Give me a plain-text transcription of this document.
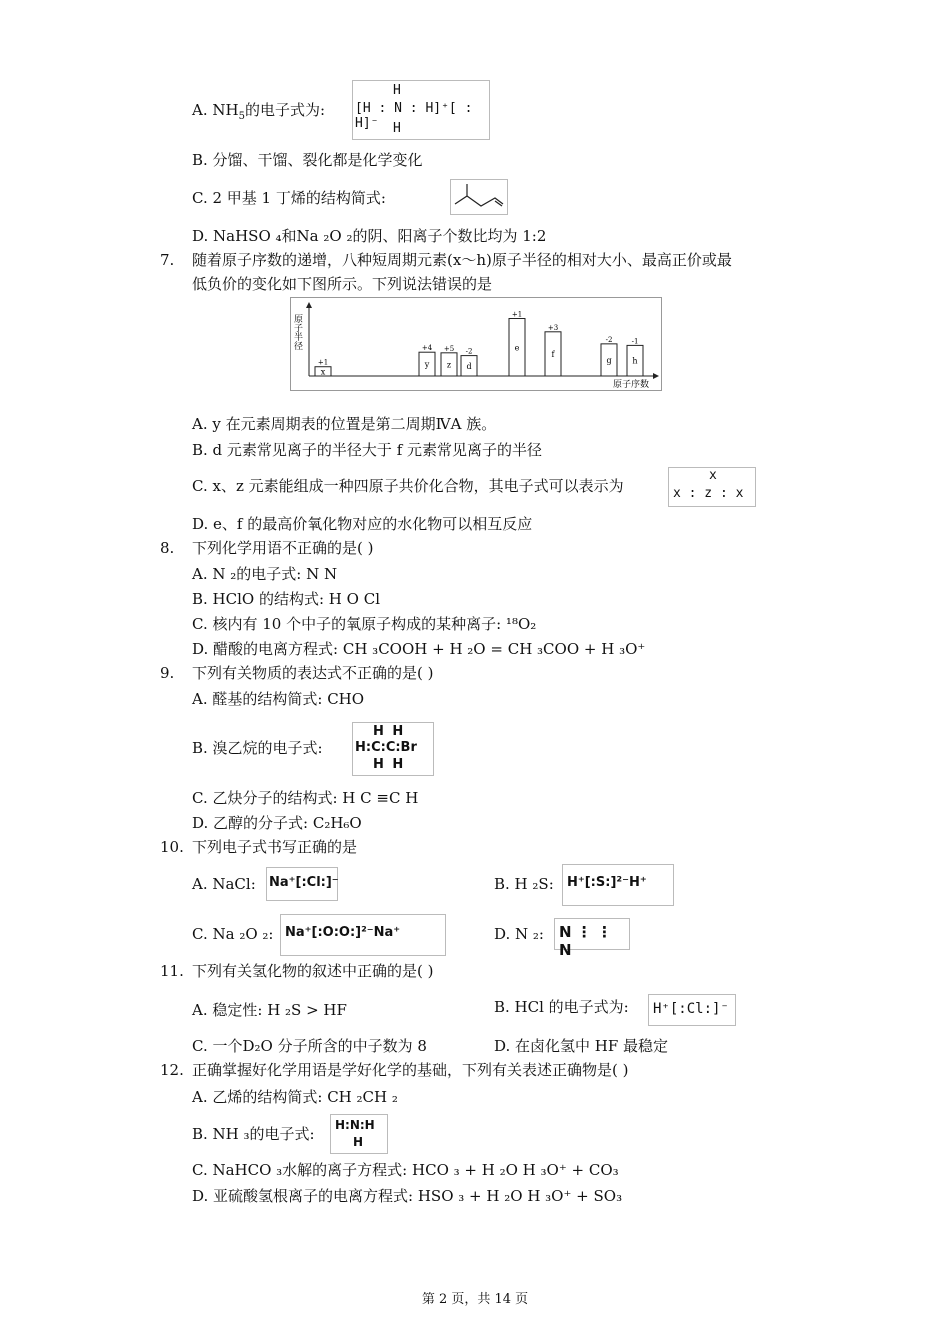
A. $NH_5$的电子式为:
H
[H : N : H]⁺[ : H]⁻	H
B. 分馏、干馏、裂化都是化学变化
C. 2 甲基 1 丁烯的结构简式:
D. NaHSO ₄和Na ₂O ₂的阴、阳离子个数比均为 1:2
7. 随着原子序数的递增，八种短周期元素(x～h)原子半径的相对大小、最高正价或最
低负价的变化如下图所示。下列说法错误的是
原子半径
原子序数
x
+1	y
+4
z
+5
d
-2	e
+1
f
+3
g
-2
h
-1
A. y 在元素周期表的位置是第二周期ⅣA 族。
B. d 元素常见离子的半径大于 f 元素常见离子的半径
C. x、z 元素能组成一种四原子共价化合物，其电子式可以表示为
x
x : z : x
D. e、f 的最高价氧化物对应的水化物可以相互反应
8. 下列化学用语不正确的是( )
A. N ₂的电子式: N N
B. HClO 的结构式: H O Cl
C. 核内有 10 个中子的氧原子构成的某种离子: ¹⁸O₂
D. 醋酸的电离方程式: CH ₃COOH + H ₂O = CH ₃COO + H ₃O⁺
9. 下列有关物质的表达式不正确的是( )
A. 醛基的结构简式: CHO
B. 溴乙烷的电子式:
H H
H:C:C:Br
H H
C. 乙炔分子的结构式: H C ≡C H
D. 乙醇的分子式: C₂H₆O
10. 下列电子式书写正确的是
A. NaCl: Na⁺[:Cl:]⁻	B. H ₂S: H⁺[:S:]²⁻H⁺
C. Na ₂O ₂: Na⁺[:O:O:]²⁻Na⁺	D. N ₂: N ⋮ ⋮ N
11. 下列有关氢化物的叙述中正确的是( )
A. 稳定性: H ₂S > HF	B. HCl 的电子式为: H⁺[:Cl:]⁻
C. 一个D₂O 分子所含的中子数为 8	D. 在卤化氢中 HF 最稳定
12. 正确掌握好化学用语是学好化学的基础，下列有关表述正确物是( )
A. 乙烯的结构简式: CH ₂CH ₂
B. NH ₃的电子式: H:N:H
H
C. NaHCO ₃水解的离子方程式: HCO ₃ + H ₂O H ₃O⁺ + CO₃
D. 亚硫酸氢根离子的电离方程式: HSO ₃ + H ₂O H ₃O⁺ + SO₃
第 2 页，共 14 页
